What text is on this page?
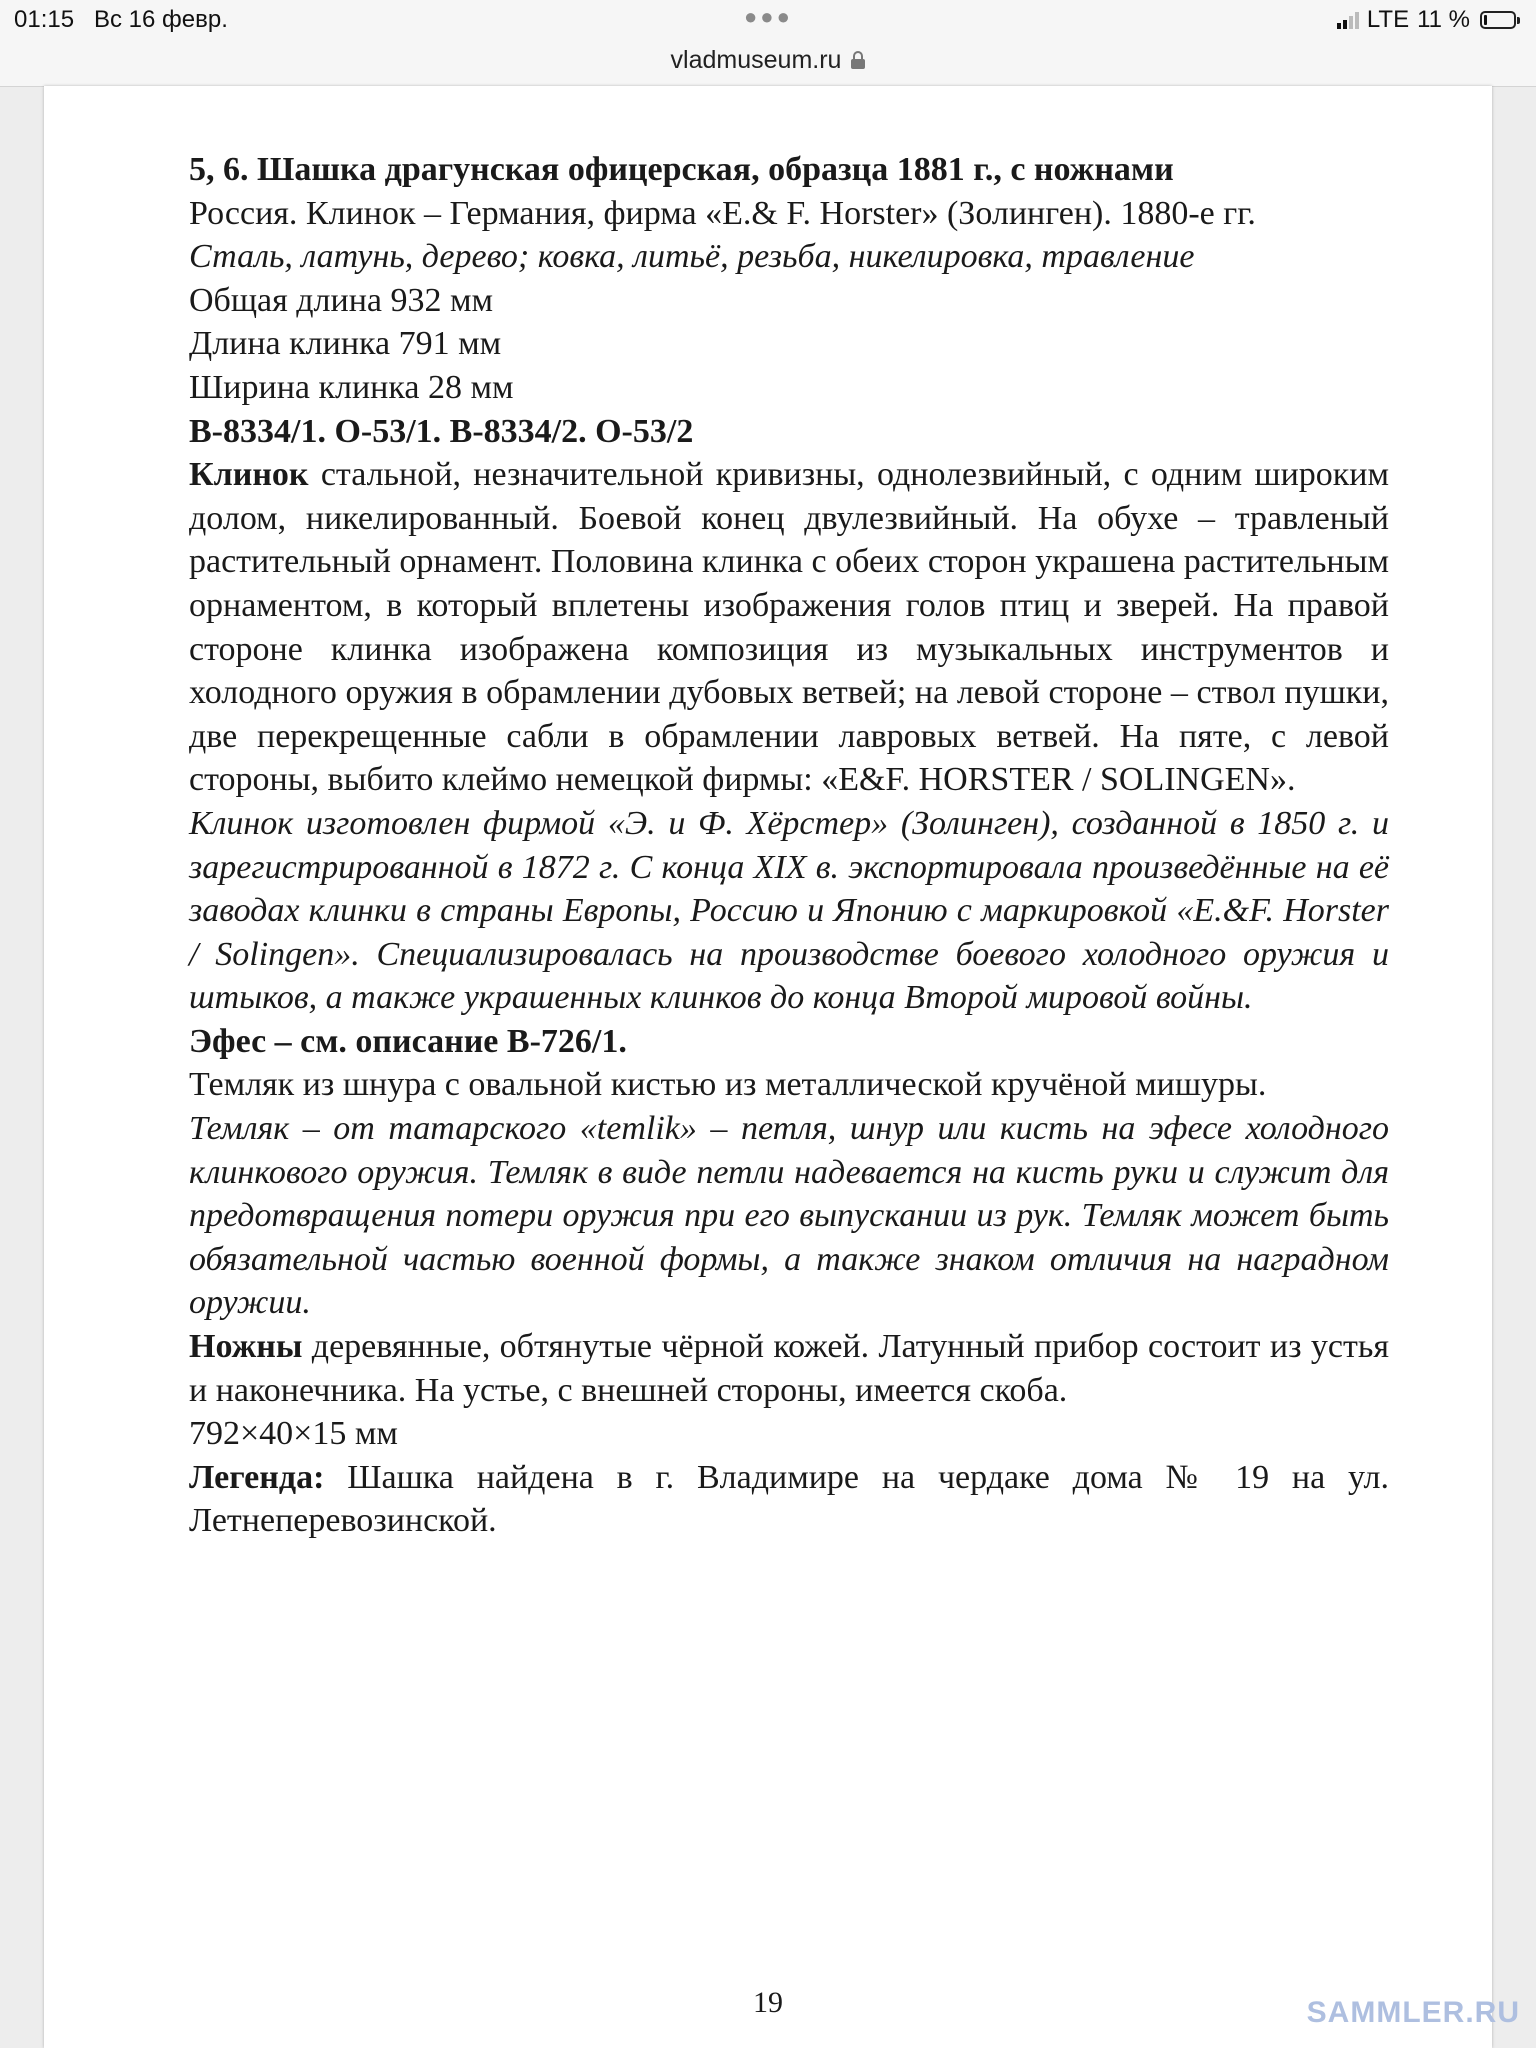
01:15 Вс 16 февр.	●●●	LTE 11 %
vladmuseum.ru

5, 6. Шашка драгунская офицерская, образца 1881 г., с ножнами

Россия. Клинок – Германия, фирма «E.& F. Horster» (Золинген). 1880-е гг.

Сталь, латунь, дерево; ковка, литьё, резьба, никелировка, травление

Общая длина 932 мм

Длина клинка 791 мм

Ширина клинка 28 мм

В-8334/1. О-53/1. В-8334/2. О-53/2

Клинок стальной, незначительной кривизны, однолезвийный, с одним широким долом, никелированный. Боевой конец двулезвийный. На обухе – травленый растительный орнамент. Половина клинка с обеих сторон украшена растительным орнаментом, в который вплетены изображения голов птиц и зверей. На правой стороне клинка изображена композиция из музыкальных инструментов и холодного оружия в обрамлении дубовых ветвей; на левой стороне – ствол пушки, две перекрещенные сабли в обрамлении лавровых ветвей. На пяте, с левой стороны, выбито клеймо немецкой фирмы: «E&F. HORSTER / SOLINGEN».

Клинок изготовлен фирмой «Э. и Ф. Хёрстер» (Золинген), созданной в 1850 г. и зарегистрированной в 1872 г. С конца XIX в. экспортировала произведённые на её заводах клинки в страны Европы, Россию и Японию с маркировкой «E.&F. Horster / Solingen». Специализировалась на производстве боевого холодного оружия и штыков, а также украшенных клинков до конца Второй мировой войны.

Эфес – см. описание В-726/1.

Темляк из шнура с овальной кистью из металлической кручёной мишуры.

Темляк – от татарского «temlik» – петля, шнур или кисть на эфесе холодного клинкового оружия. Темляк в виде петли надевается на кисть руки и служит для предотвращения потери оружия при его выпускании из рук. Темляк может быть обязательной частью военной формы, а также знаком отличия на наградном оружии.

Ножны деревянные, обтянутые чёрной кожей. Латунный прибор состоит из устья и наконечника. На устье, с внешней стороны, имеется скоба.

792×40×15 мм

Легенда: Шашка найдена в г. Владимире на чердаке дома № 19 на ул. Летнеперевозинской.

19	SAMMLER.RU
